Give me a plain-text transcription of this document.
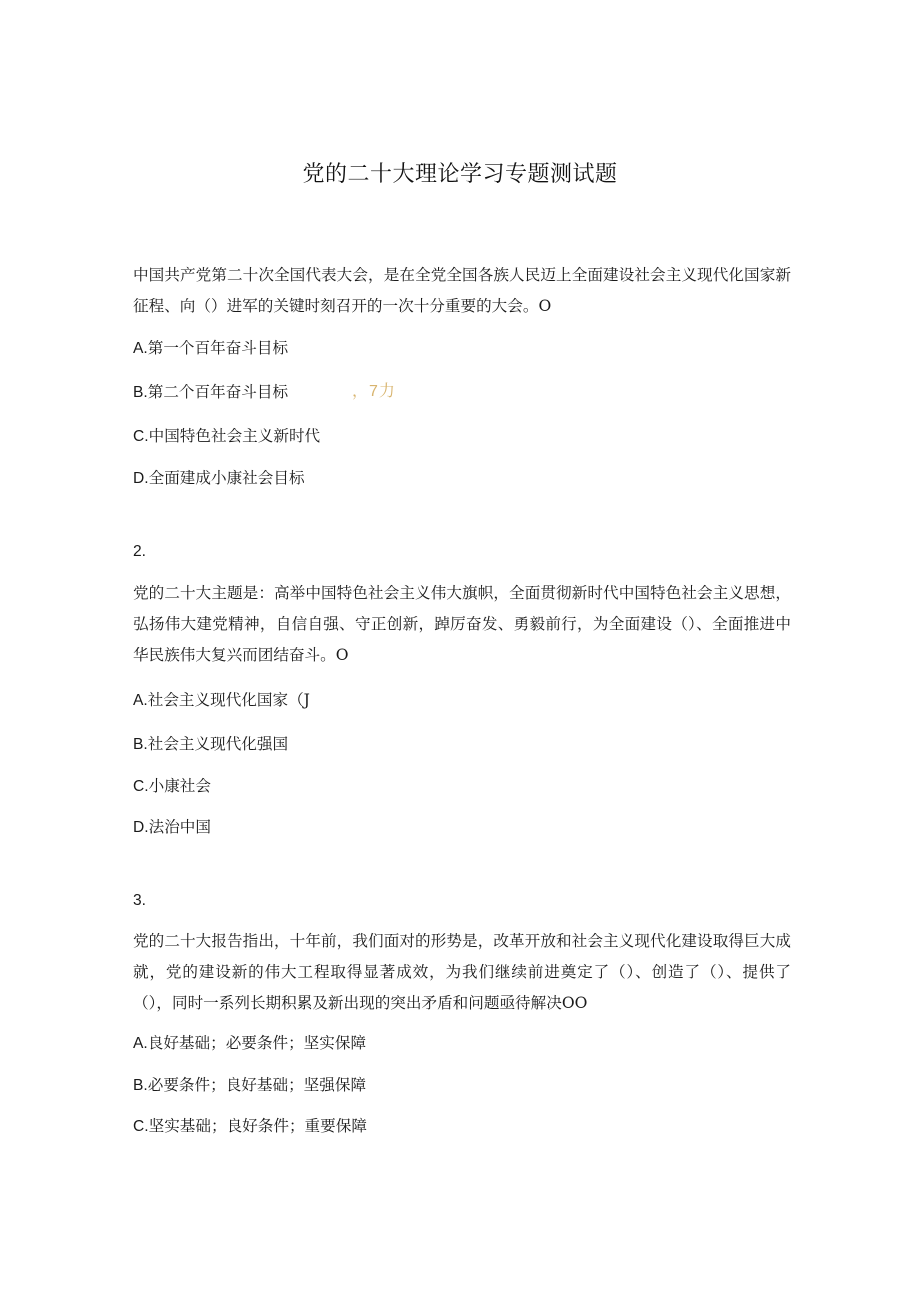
党的二十大理论学习专题测试题
中国共产党第二十次全国代表大会，是在全党全国各族人民迈上全面建设社会主义现代化国家新征程、向（）进军的关键时刻召开的一次十分重要的大会。O
A.第一个百年奋斗目标
B.第二个百年奋斗目标	，7力
C.中国特色社会主义新时代
D.全面建成小康社会目标
2.
党的二十大主题是：高举中国特色社会主义伟大旗帜，全面贯彻新时代中国特色社会主义思想，弘扬伟大建党精神，自信自强、守正创新，踔厉奋发、勇毅前行，为全面建设（）、全面推进中华民族伟大复兴而团结奋斗。O
A.社会主义现代化国家（J
B.社会主义现代化强国
C.小康社会
D.法治中国
3.
党的二十大报告指出，十年前，我们面对的形势是，改革开放和社会主义现代化建设取得巨大成就，党的建设新的伟大工程取得显著成效，为我们继续前进奠定了（）、创造了（）、提供了（），同时一系列长期积累及新出现的突出矛盾和问题亟待解决OO
A.良好基础；必要条件；坚实保障
B.必要条件；良好基础；坚强保障
C.坚实基础；良好条件；重要保障
